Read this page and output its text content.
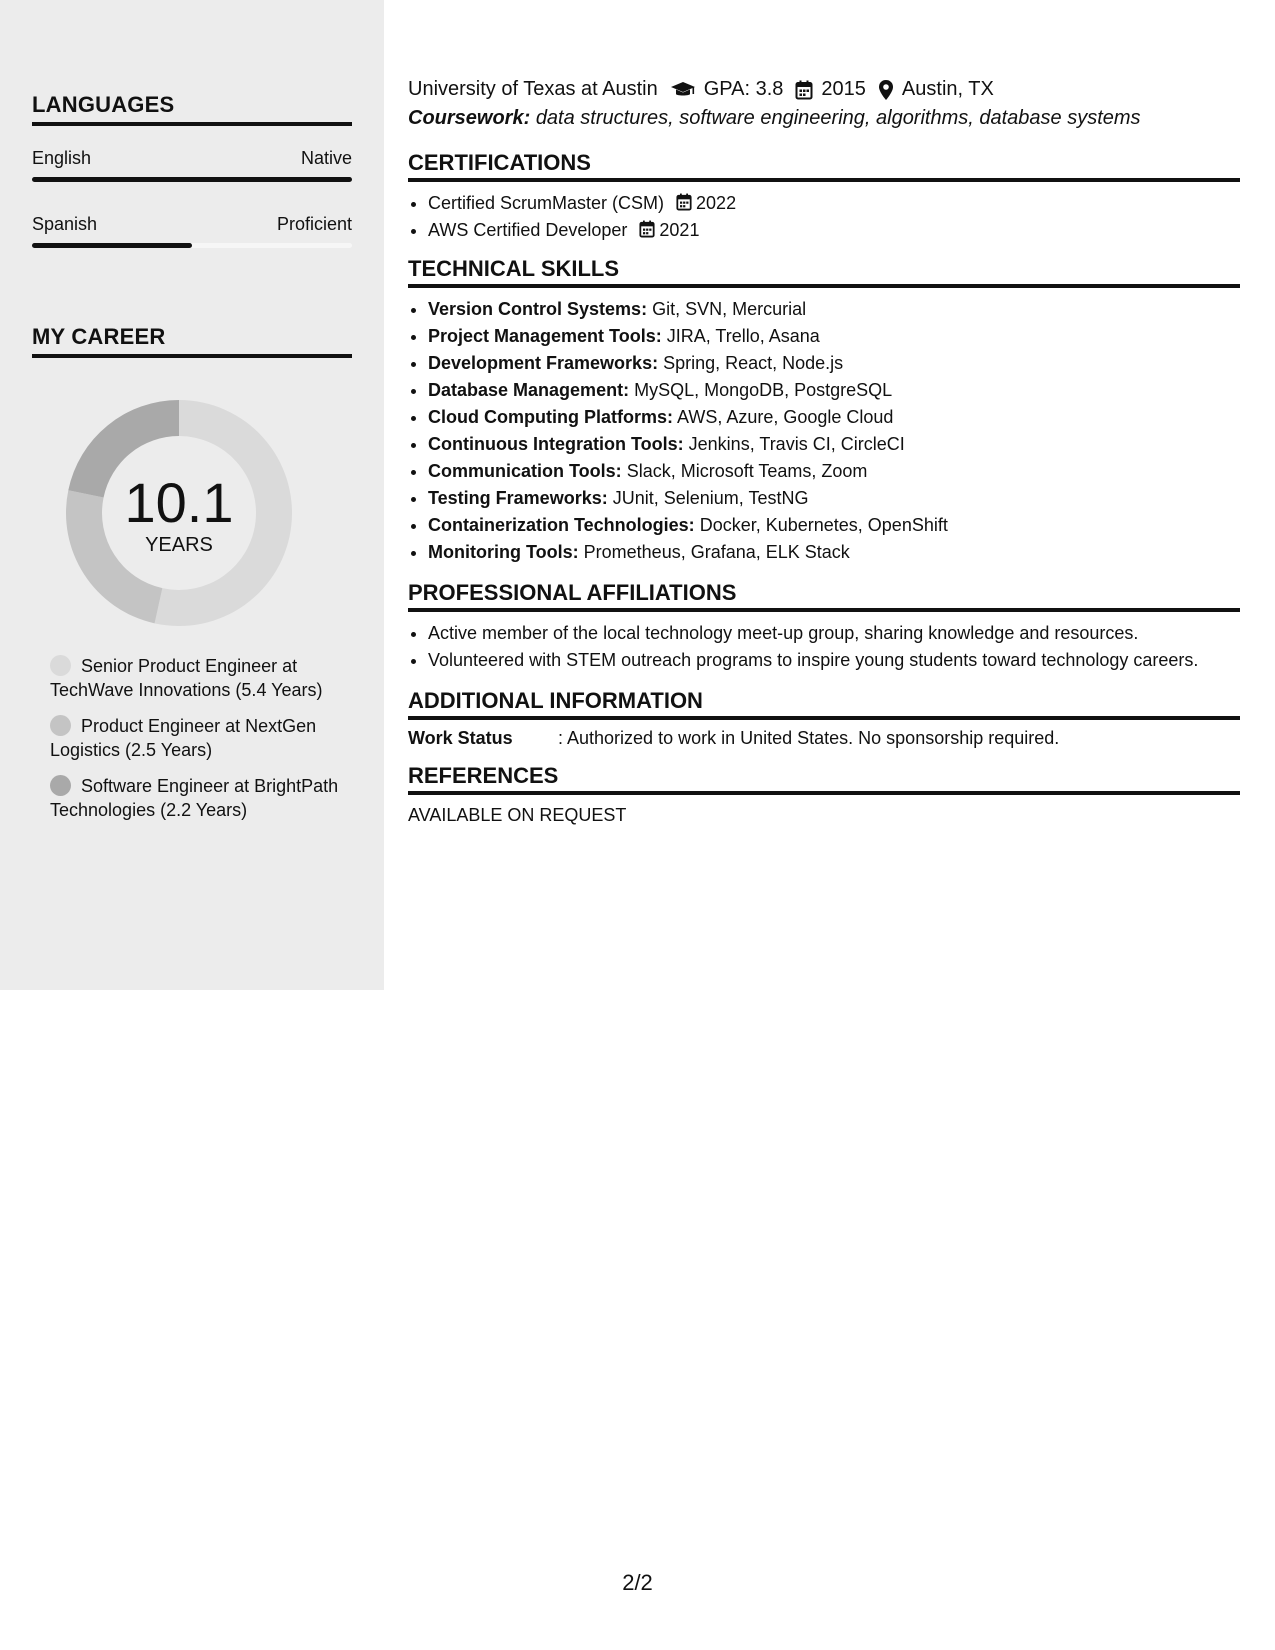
LANGUAGES
English	Native
Spanish	Proficient
MY CAREER
10.1
YEARS
Senior Product Engineer at TechWave Innovations (5.4 Years)
Product Engineer at NextGen Logistics (2.5 Years)
Software Engineer at BrightPath Technologies (2.2 Years)
University of Texas at Austin GPA: 3.8 2015 Austin, TX
Coursework: data structures, software engineering, algorithms, database systems
CERTIFICATIONS
• Certified ScrumMaster (CSM) 2022
• AWS Certified Developer 2021
TECHNICAL SKILLS
• Version Control Systems: Git, SVN, Mercurial
• Project Management Tools: JIRA, Trello, Asana
• Development Frameworks: Spring, React, Node.js
• Database Management: MySQL, MongoDB, PostgreSQL
• Cloud Computing Platforms: AWS, Azure, Google Cloud
• Continuous Integration Tools: Jenkins, Travis CI, CircleCI
• Communication Tools: Slack, Microsoft Teams, Zoom
• Testing Frameworks: JUnit, Selenium, TestNG
• Containerization Technologies: Docker, Kubernetes, OpenShift
• Monitoring Tools: Prometheus, Grafana, ELK Stack
PROFESSIONAL AFFILIATIONS
• Active member of the local technology meet-up group, sharing knowledge and resources.
• Volunteered with STEM outreach programs to inspire young students toward technology careers.
ADDITIONAL INFORMATION
Work Status	: Authorized to work in United States. No sponsorship required.
REFERENCES
AVAILABLE ON REQUEST
2/2
